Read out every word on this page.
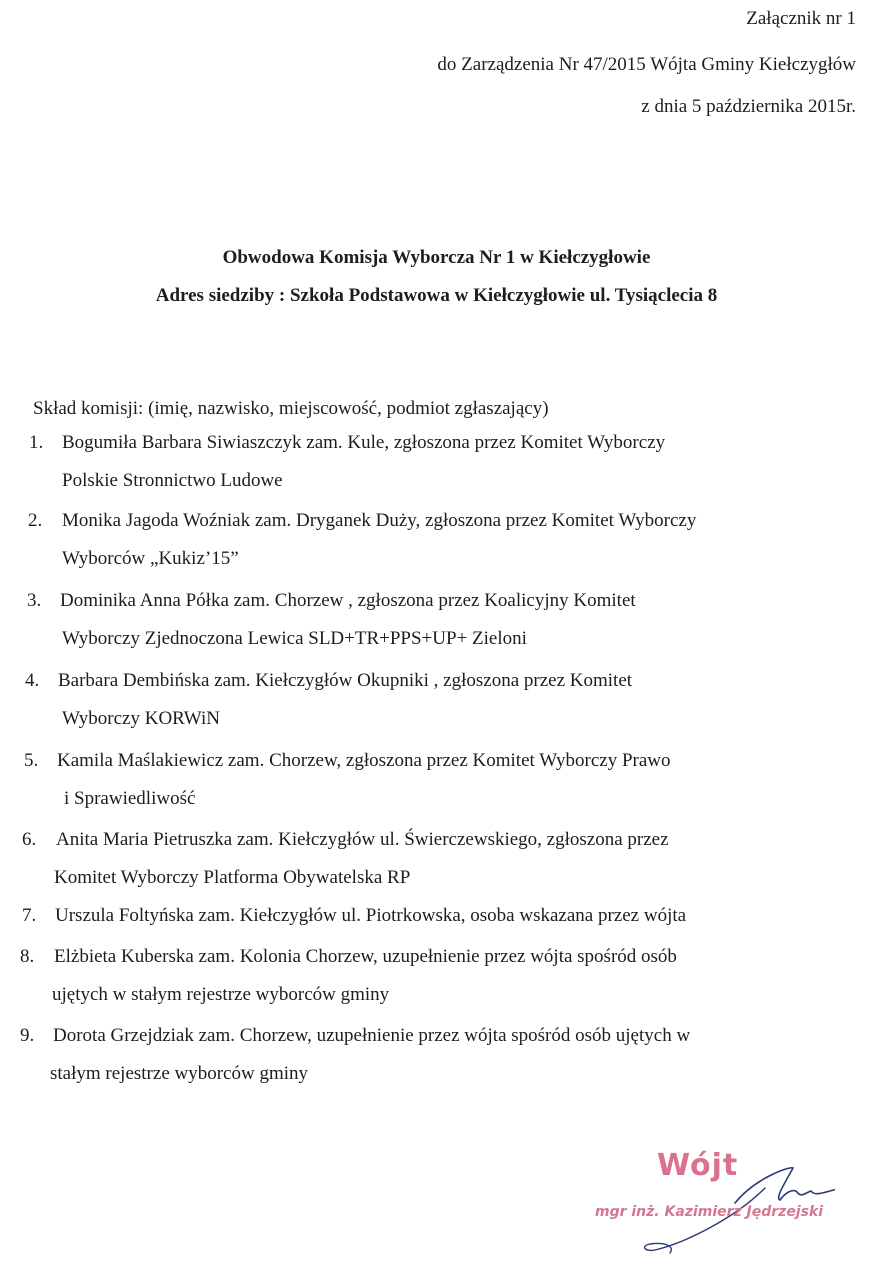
Załącznik nr 1
do Zarządzenia Nr 47/2015 Wójta Gminy Kiełczygłów
z dnia 5 października 2015r.
Obwodowa Komisja Wyborcza Nr 1 w Kiełczygłowie
Adres siedziby : Szkoła Podstawowa w Kiełczygłowie ul. Tysiąclecia 8
Skład komisji: (imię, nazwisko, miejscowość, podmiot zgłaszający)
1. Bogumiła Barbara Siwiaszczyk zam. Kule, zgłoszona przez Komitet Wyborczy
Polskie Stronnictwo Ludowe
2. Monika Jagoda Woźniak zam. Dryganek Duży, zgłoszona przez Komitet Wyborczy
Wyborców „Kukiz’15”
3. Dominika Anna Półka zam. Chorzew , zgłoszona przez Koalicyjny Komitet
Wyborczy Zjednoczona Lewica SLD+TR+PPS+UP+ Zieloni
4. Barbara Dembińska zam. Kiełczygłów Okupniki , zgłoszona przez Komitet
Wyborczy KORWiN
5. Kamila Maślakiewicz zam. Chorzew, zgłoszona przez Komitet Wyborczy Prawo
i Sprawiedliwość
6. Anita Maria Pietruszka zam. Kiełczygłów ul. Świerczewskiego, zgłoszona przez
Komitet Wyborczy Platforma Obywatelska RP
7. Urszula Foltyńska zam. Kiełczygłów ul. Piotrkowska, osoba wskazana przez wójta
8. Elżbieta Kuberska zam. Kolonia Chorzew, uzupełnienie przez wójta spośród osób
ujętych w stałym rejestrze wyborców gminy
9. Dorota Grzejdziak zam. Chorzew, uzupełnienie przez wójta spośród osób ujętych w
stałym rejestrze wyborców gminy
Wójt
mgr inż. Kazimierz Jędrzejski
